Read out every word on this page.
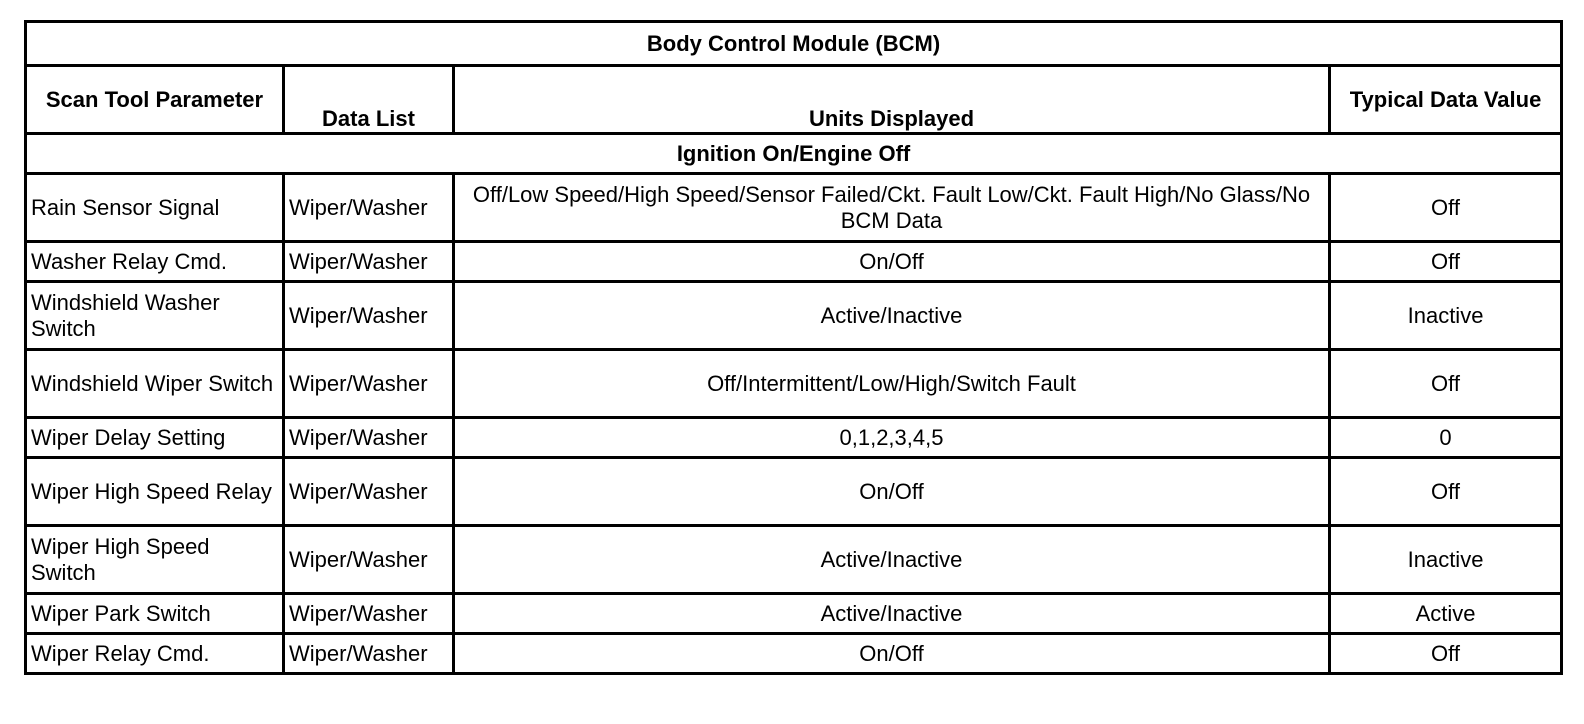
Body Control Module (BCM)			
Scan Tool Parameter	Data List	Units Displayed	Typical Data Value
Ignition On/Engine Off			
Rain Sensor Signal	Wiper/Washer	Off/Low Speed/High Speed/Sensor Failed/Ckt. Fault Low/Ckt. Fault High/No Glass/No BCM Data	Off
Washer Relay Cmd.	Wiper/Washer	On/Off	Off
Windshield Washer Switch	Wiper/Washer	Active/Inactive	Inactive
Windshield Wiper Switch	Wiper/Washer	Off/Intermittent/Low/High/Switch Fault	Off
Wiper Delay Setting	Wiper/Washer	0,1,2,3,4,5	0
Wiper High Speed Relay	Wiper/Washer	On/Off	Off
Wiper High Speed Switch	Wiper/Washer	Active/Inactive	Inactive
Wiper Park Switch	Wiper/Washer	Active/Inactive	Active
Wiper Relay Cmd.	Wiper/Washer	On/Off	Off
